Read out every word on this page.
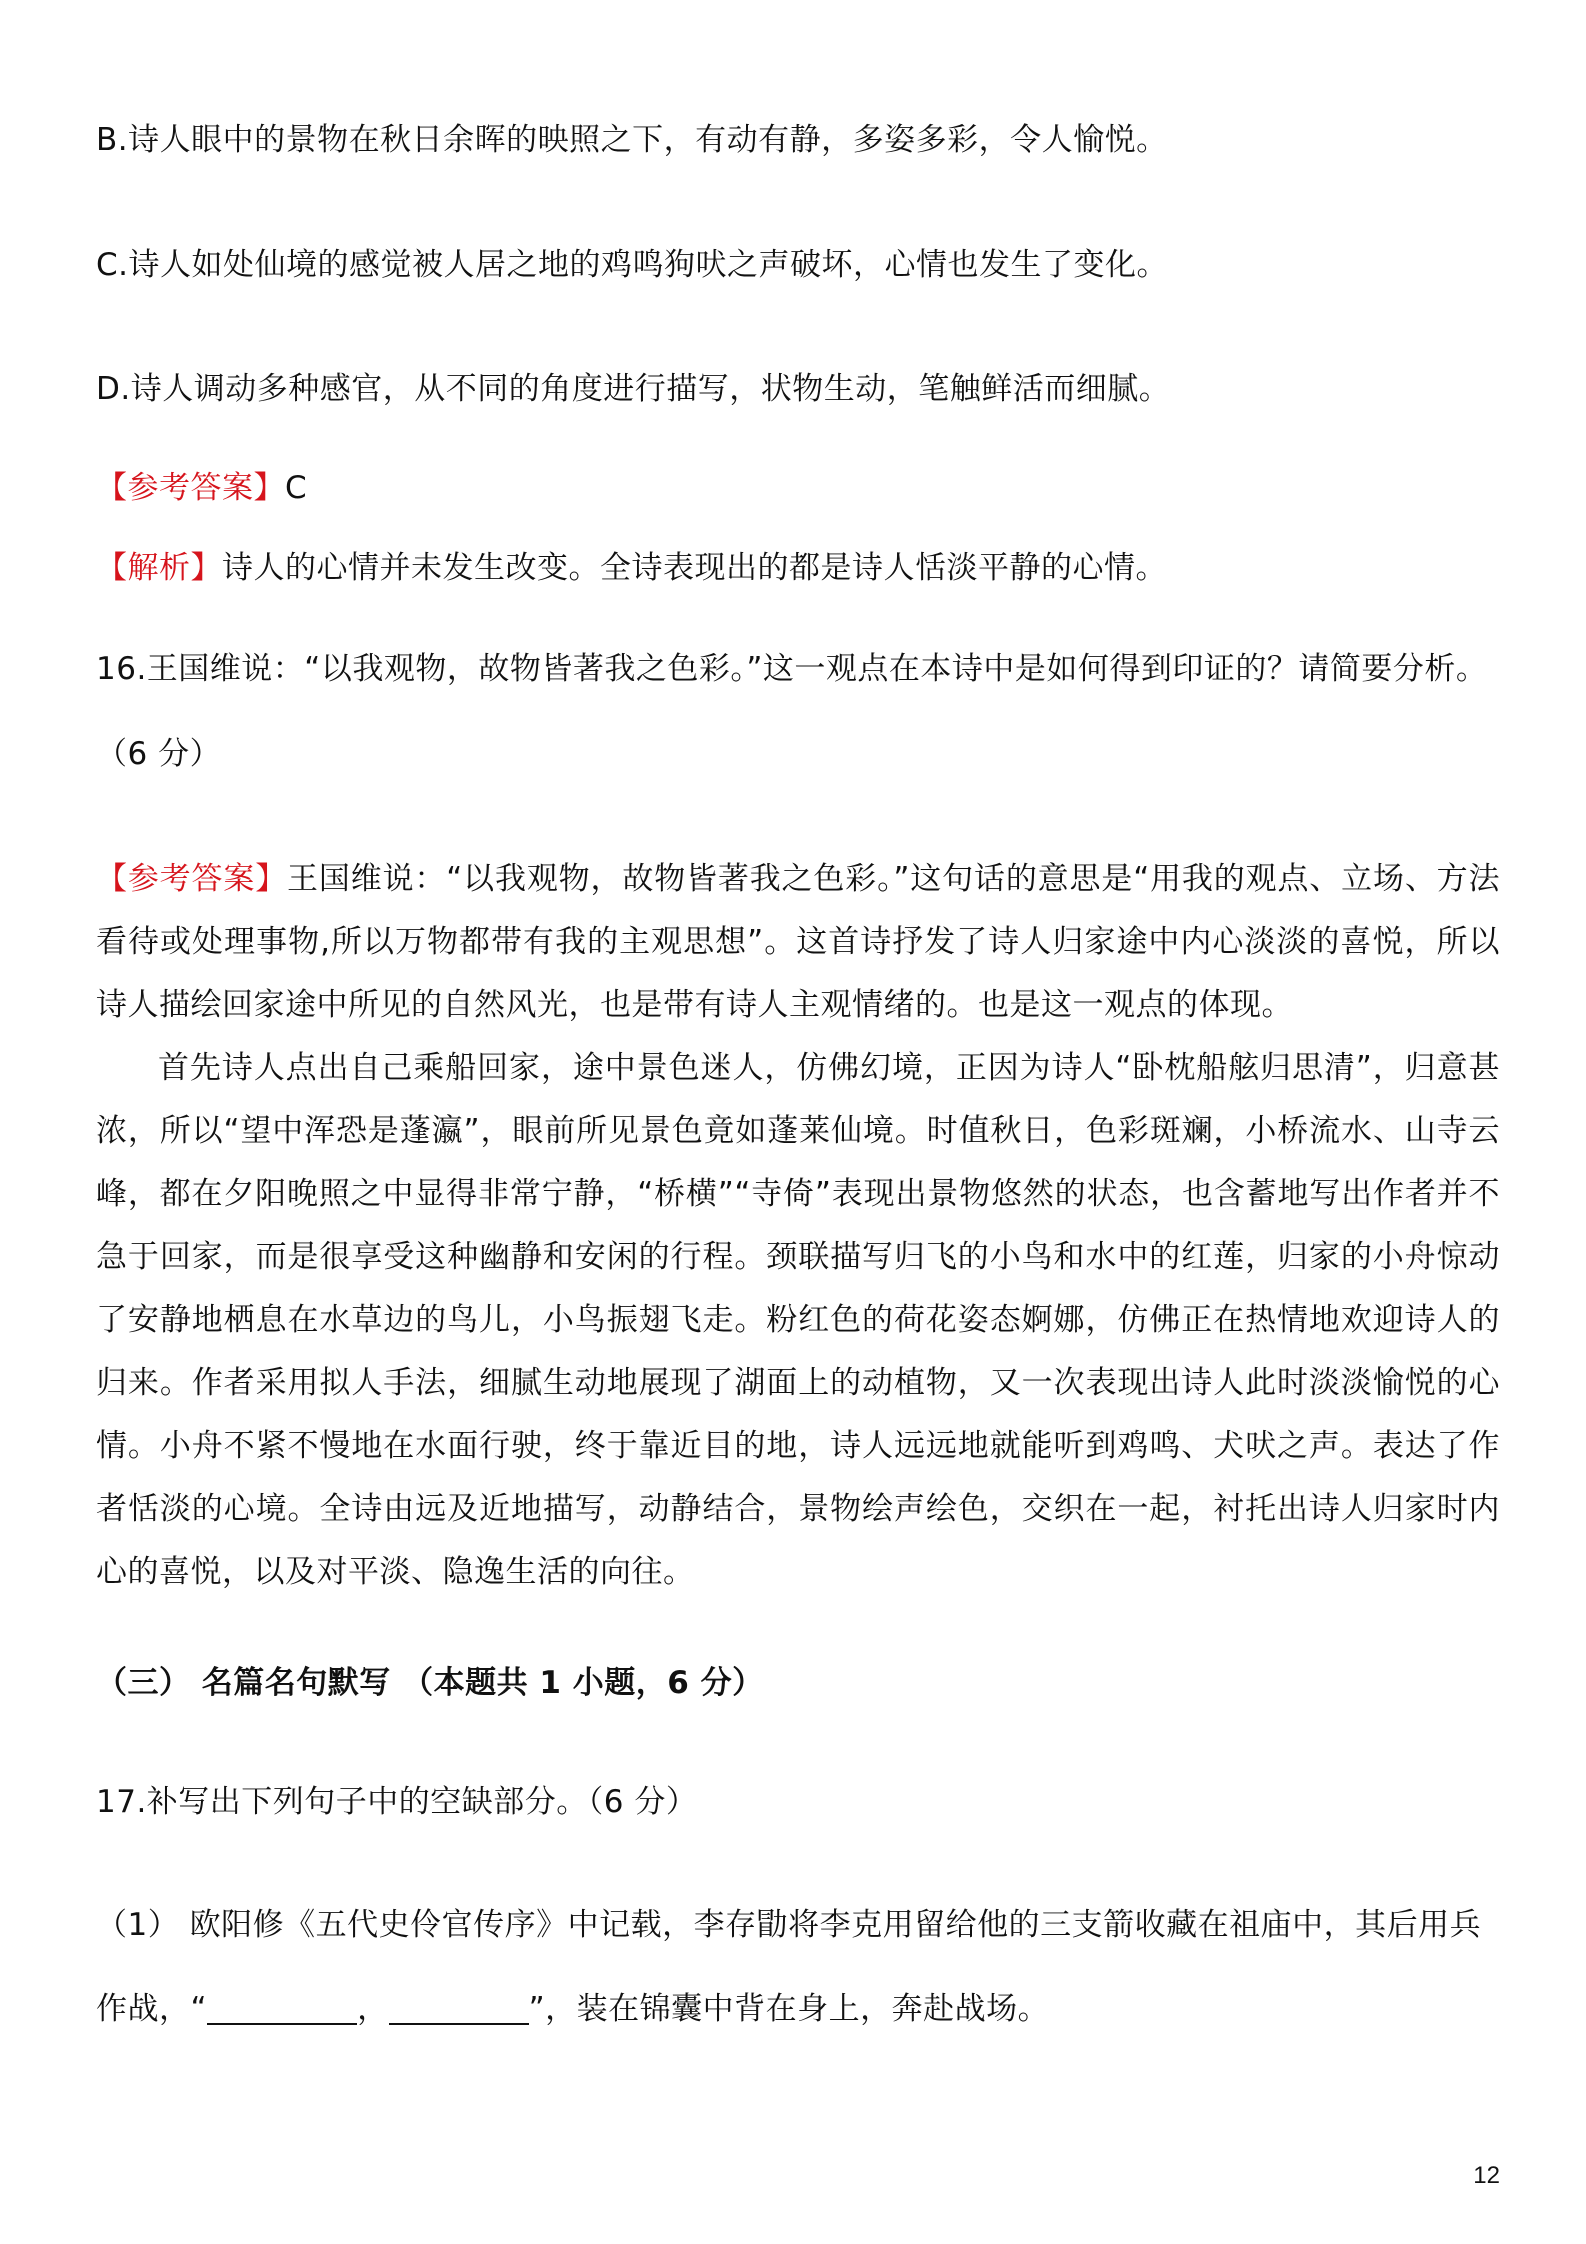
B.诗人眼中的景物在秋日余晖的映照之下，有动有静，多姿多彩，令人愉悦。
C.诗人如处仙境的感觉被人居之地的鸡鸣狗吠之声破坏，心情也发生了变化。
D.诗人调动多种感官，从不同的角度进行描写，状物生动，笔触鲜活而细腻。
【参考答案】C
【解析】诗人的心情并未发生改变。全诗表现出的都是诗人恬淡平静的心情。
16.王国维说：“以我观物，故物皆著我之色彩。”这一观点在本诗中是如何得到印证的？请简要分析。
（6 分）
【参考答案】王国维说：“以我观物，故物皆著我之色彩。”这句话的意思是“用我的观点、立场、方法看待或处理事物,所以万物都带有我的主观思想”。这首诗抒发了诗人归家途中内心淡淡的喜悦，所以诗人描绘回家途中所见的自然风光，也是带有诗人主观情绪的。也是这一观点的体现。
首先诗人点出自己乘船回家，途中景色迷人，仿佛幻境，正因为诗人“卧枕船舷归思清”，归意甚浓，所以“望中浑恐是蓬瀛”，眼前所见景色竟如蓬莱仙境。时值秋日，色彩斑斓，小桥流水、山寺云峰，都在夕阳晚照之中显得非常宁静，“桥横”“寺倚”表现出景物悠然的状态，也含蓄地写出作者并不急于回家，而是很享受这种幽静和安闲的行程。颈联描写归飞的小鸟和水中的红莲，归家的小舟惊动了安静地栖息在水草边的鸟儿，小鸟振翅飞走。粉红色的荷花姿态婀娜，仿佛正在热情地欢迎诗人的归来。作者采用拟人手法，细腻生动地展现了湖面上的动植物，又一次表现出诗人此时淡淡愉悦的心情。小舟不紧不慢地在水面行驶，终于靠近目的地，诗人远远地就能听到鸡鸣、犬吠之声。表达了作者恬淡的心境。全诗由远及近地描写，动静结合，景物绘声绘色，交织在一起，衬托出诗人归家时内心的喜悦，以及对平淡、隐逸生活的向往。
（三） 名篇名句默写 （本题共 1 小题，6 分）
17.补写出下列句子中的空缺部分。（6 分）
（1） 欧阳修《五代史伶官传序》中记载，李存勖将李克用留给他的三支箭收藏在祖庙中，其后用兵
作战，“	，	”，装在锦囊中背在身上，奔赴战场。
12
